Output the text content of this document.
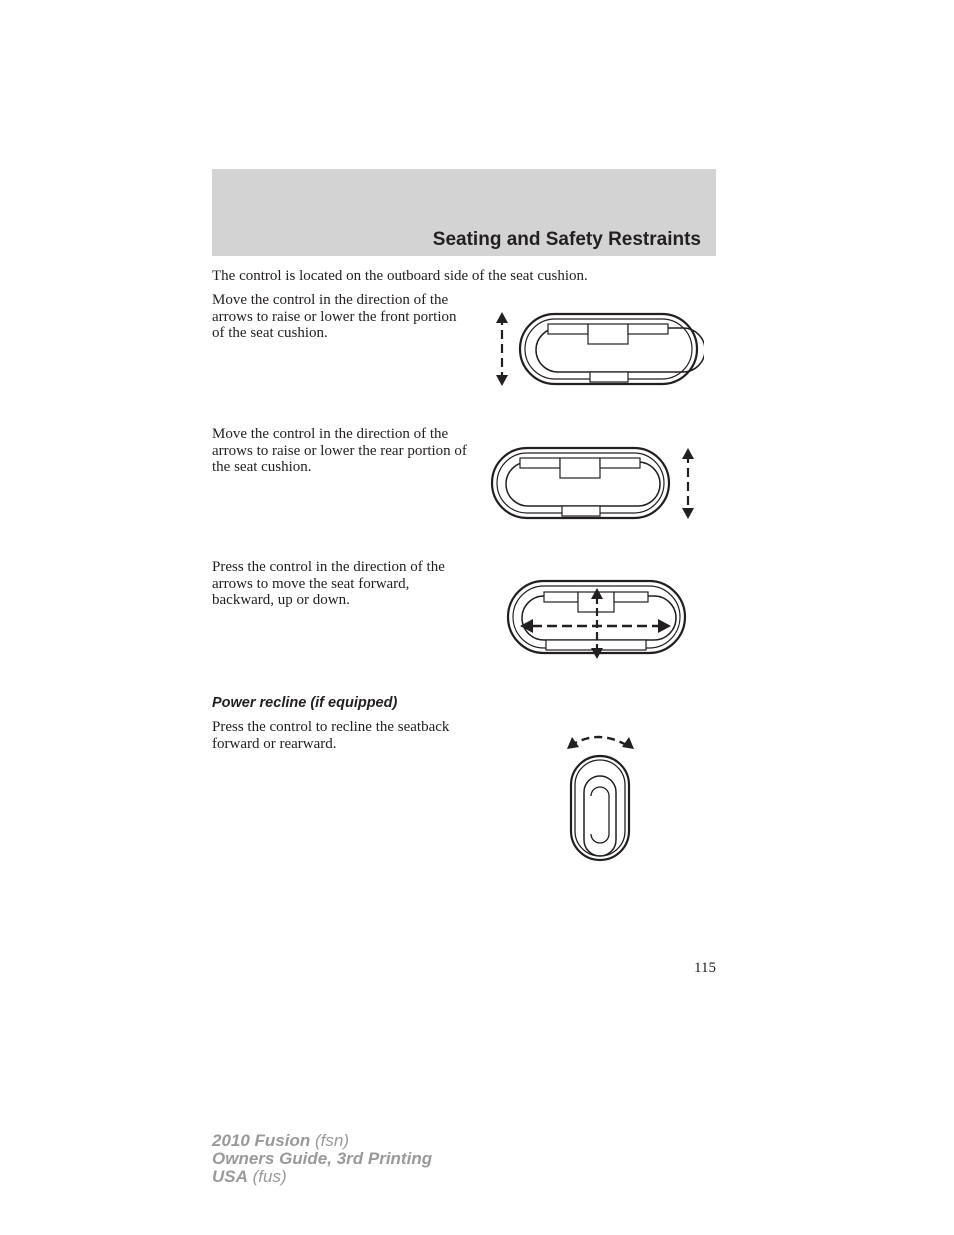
Seating and Safety Restraints
The control is located on the outboard side of the seat cushion.
Move the control in the direction of the arrows to raise or lower the front portion of the seat cushion.
Move the control in the direction of the arrows to raise or lower the rear portion of the seat cushion.
Press the control in the direction of the arrows to move the seat forward, backward, up or down.
Power recline (if equipped)
Press the control to recline the seatback forward or rearward.
115
2010 Fusion (fsn)
Owners Guide, 3rd Printing
USA (fus)
